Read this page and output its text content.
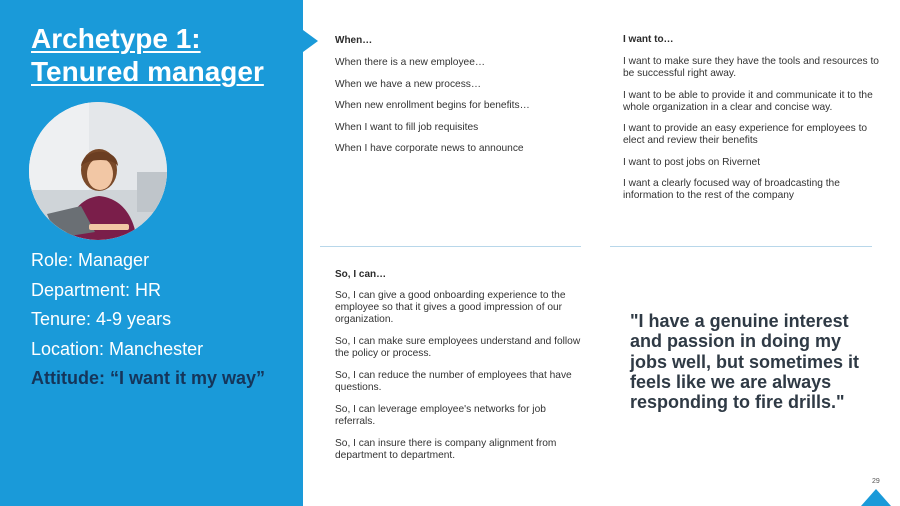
Archetype 1:
Tenured manager
Role: Manager
Department: HR
Tenure: 4-9 years
Location: Manchester
Attitude: “I want it my way”
When…
When there is a new employee…
When we have a new process…
When new enrollment begins for benefits…
When I want to fill job requisites
When I have corporate news to announce
I want to…
I want to make sure they have the tools and resources to be successful right away.
I want to be able to provide it and communicate it to the whole organization in a clear and concise way.
I want to provide an easy experience for employees to elect and review their benefits
I want to post jobs on Rivernet
I want a clearly focused way of broadcasting the information to the rest of the company
So, I can…
So, I can give a good onboarding experience to the employee so that it gives a good impression of our organization.
So, I can make sure employees understand and follow the policy or process.
So, I can reduce the number of employees that have questions.
So, I can leverage employee's networks for job referrals.
So, I can insure there is company alignment from department to department.

"I have a genuine interest and passion in doing my jobs well, but sometimes it feels like we are always responding to fire drills."

29
